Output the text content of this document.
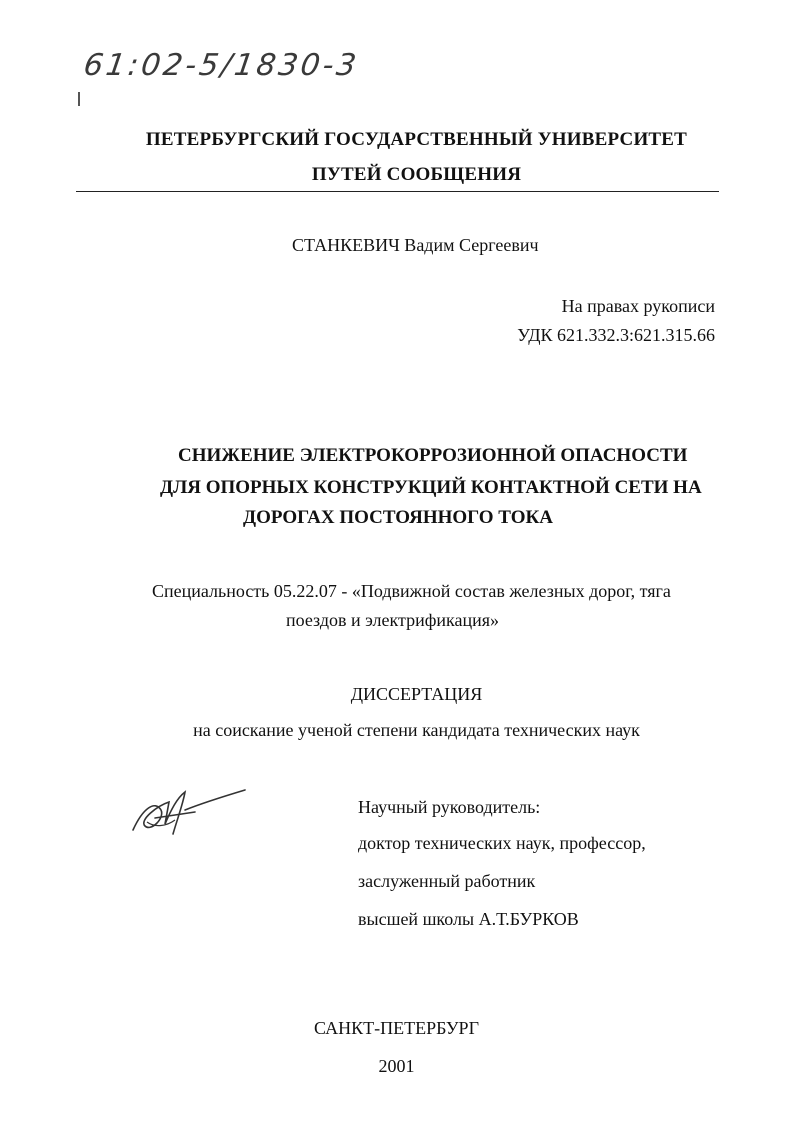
61:02-5/1830-3
ПЕТЕРБУРГСКИЙ ГОСУДАРСТВЕННЫЙ УНИВЕРСИТЕТ
ПУТЕЙ СООБЩЕНИЯ
СТАНКЕВИЧ Вадим Сергеевич
На правах рукописи
УДК 621.332.3:621.315.66
СНИЖЕНИЕ ЭЛЕКТРОКОРРОЗИОННОЙ ОПАСНОСТИ
ДЛЯ ОПОРНЫХ КОНСТРУКЦИЙ КОНТАКТНОЙ СЕТИ НА
ДОРОГАХ ПОСТОЯННОГО ТОКА
Специальность 05.22.07 - «Подвижной состав железных дорог, тяга
поездов и электрификация»
ДИССЕРТАЦИЯ
на соискание ученой степени кандидата технических наук
Научный руководитель:
доктор технических наук, профессор,
заслуженный работник
высшей школы А.Т.БУРКОВ
САНКТ-ПЕТЕРБУРГ
2001
